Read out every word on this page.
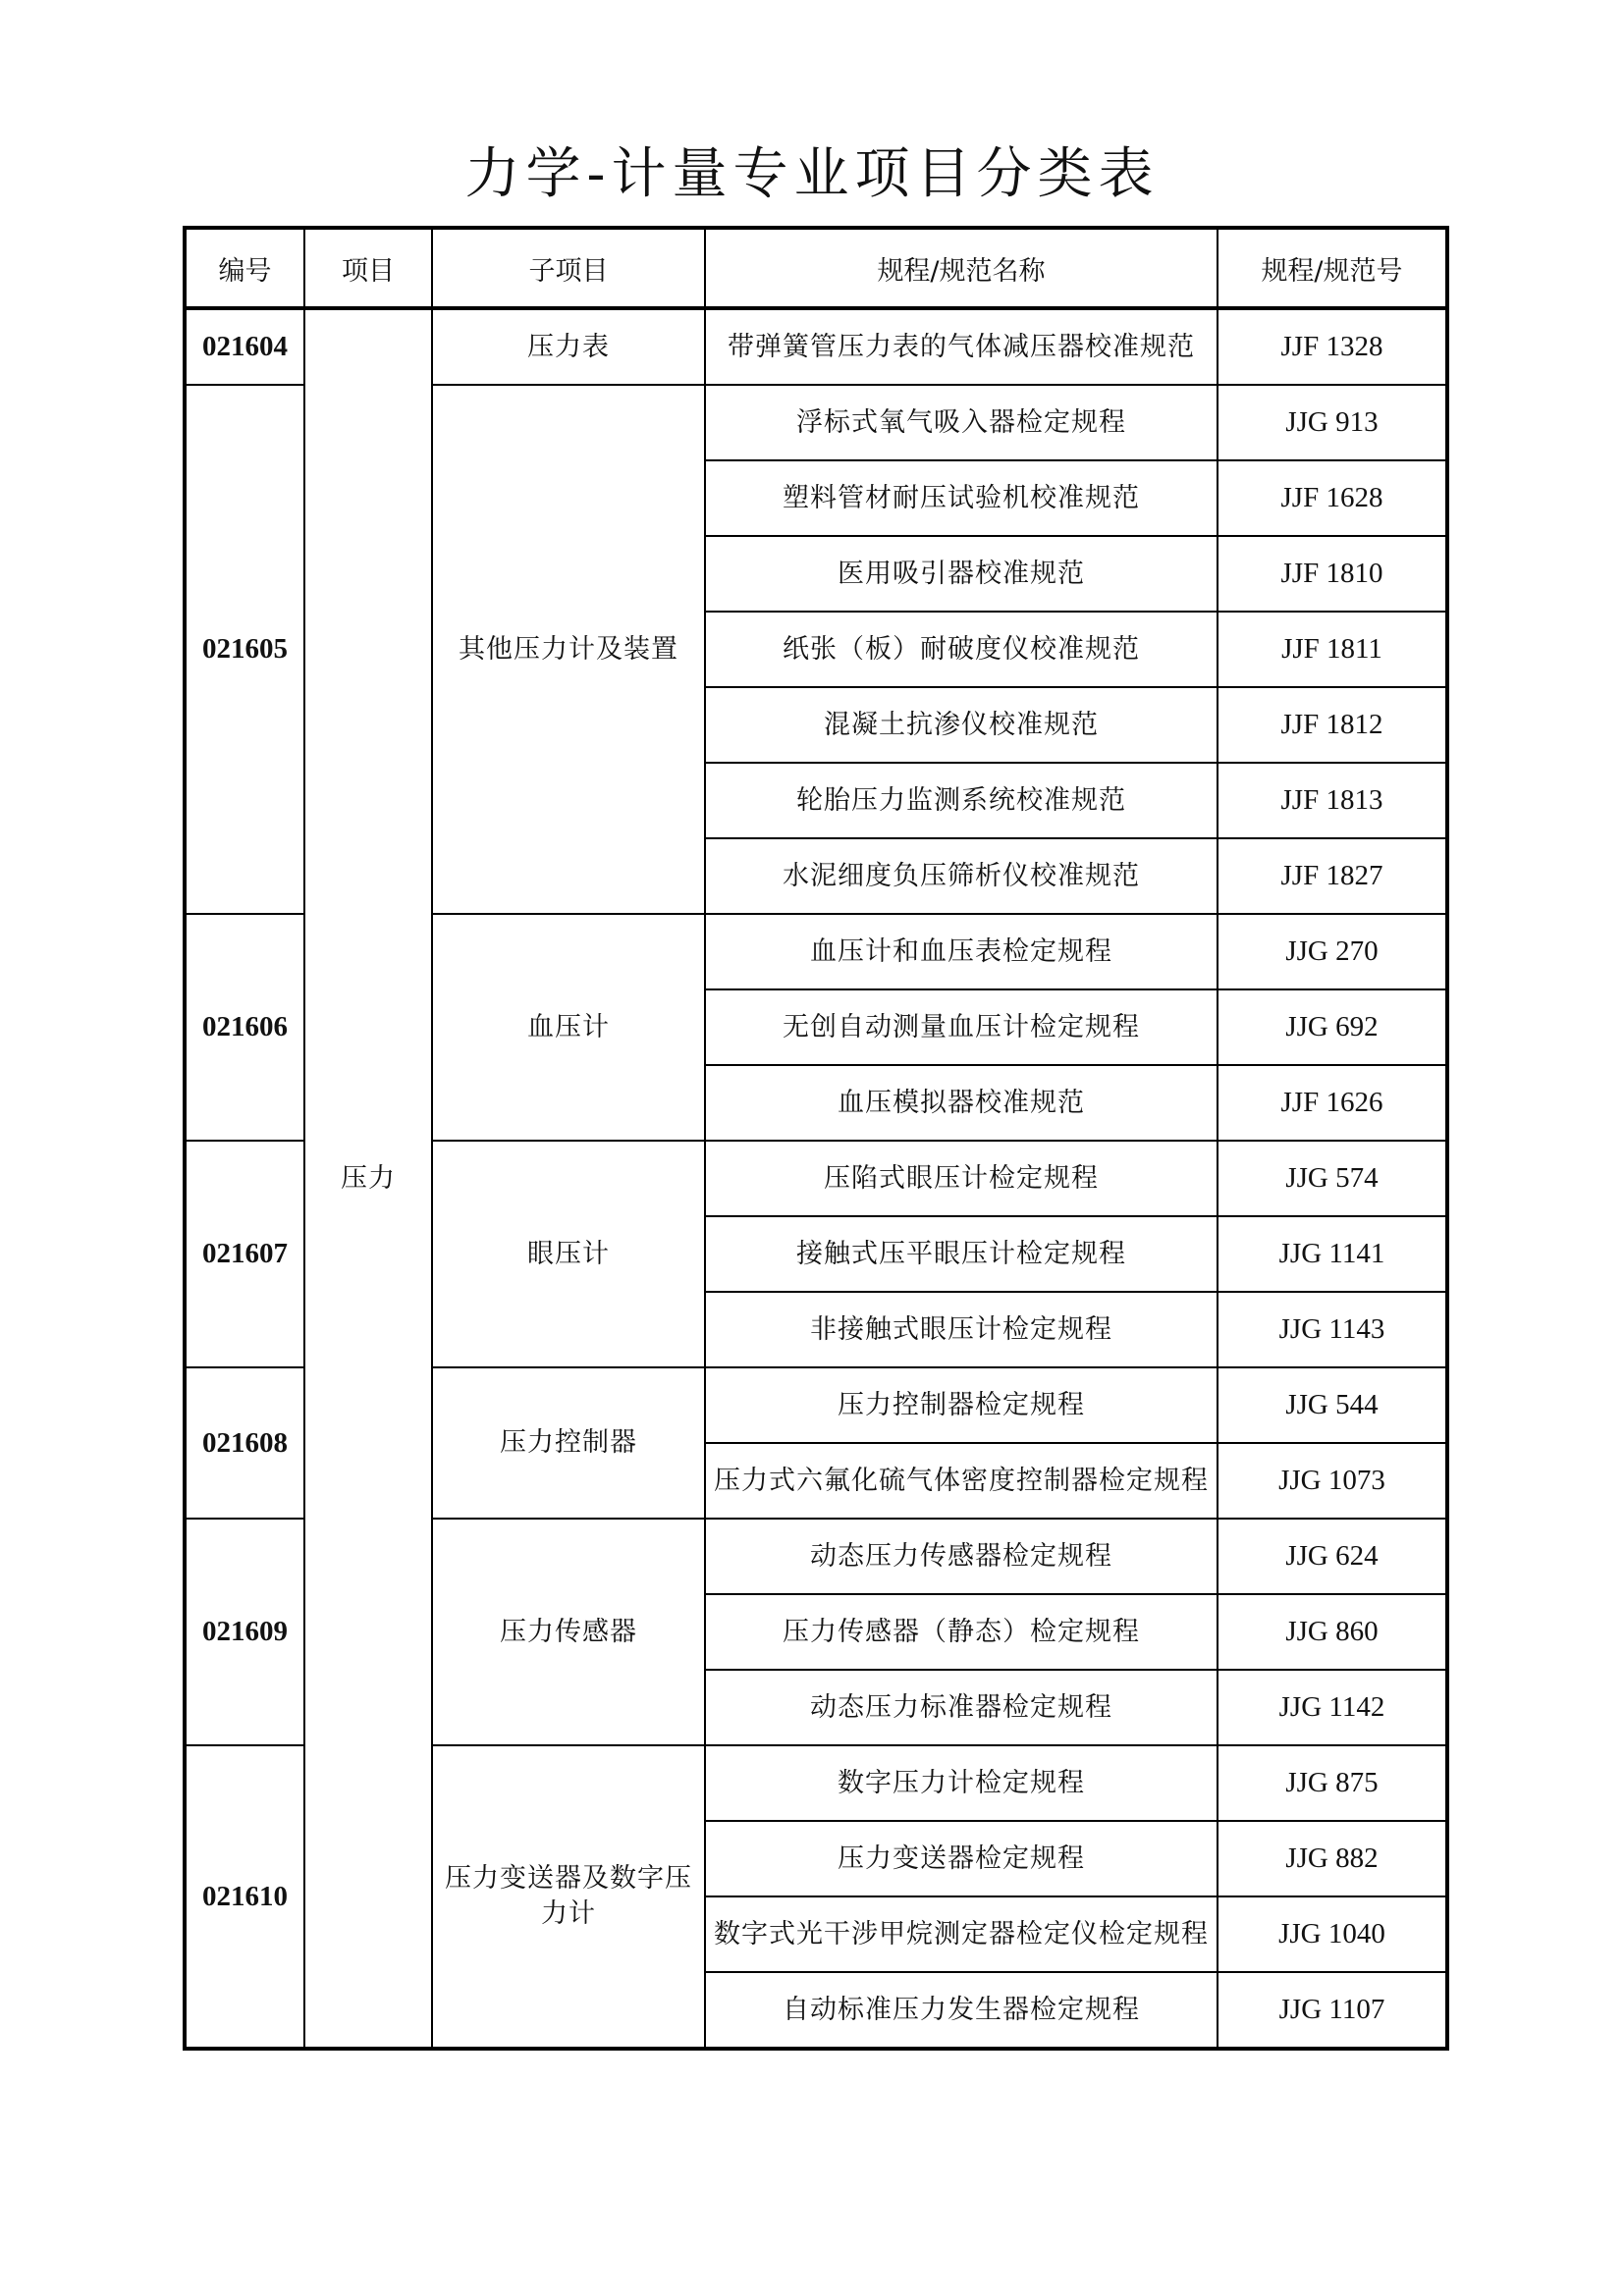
力学-计量专业项目分类表
编号	项目	子项目	规程/规范名称	规程/规范号
021604	压力	压力表	带弹簧管压力表的气体减压器校准规范	JJF 1328
021605		其他压力计及装置	浮标式氧气吸入器检定规程	JJG 913
			塑料管材耐压试验机校准规范	JJF 1628
			医用吸引器校准规范	JJF 1810
			纸张（板）耐破度仪校准规范	JJF 1811
			混凝土抗渗仪校准规范	JJF 1812
			轮胎压力监测系统校准规范	JJF 1813
			水泥细度负压筛析仪校准规范	JJF 1827
021606		血压计	血压计和血压表检定规程	JJG 270
			无创自动测量血压计检定规程	JJG 692
			血压模拟器校准规范	JJF 1626
021607		眼压计	压陷式眼压计检定规程	JJG 574
			接触式压平眼压计检定规程	JJG 1141
			非接触式眼压计检定规程	JJG 1143
021608		压力控制器	压力控制器检定规程	JJG 544
			压力式六氟化硫气体密度控制器检定规程	JJG 1073
021609		压力传感器	动态压力传感器检定规程	JJG 624
			压力传感器（静态）检定规程	JJG 860
			动态压力标准器检定规程	JJG 1142
021610		压力变送器及数字压力计	数字压力计检定规程	JJG 875
			压力变送器检定规程	JJG 882
			数字式光干涉甲烷测定器检定仪检定规程	JJG 1040
			自动标准压力发生器检定规程	JJG 1107
